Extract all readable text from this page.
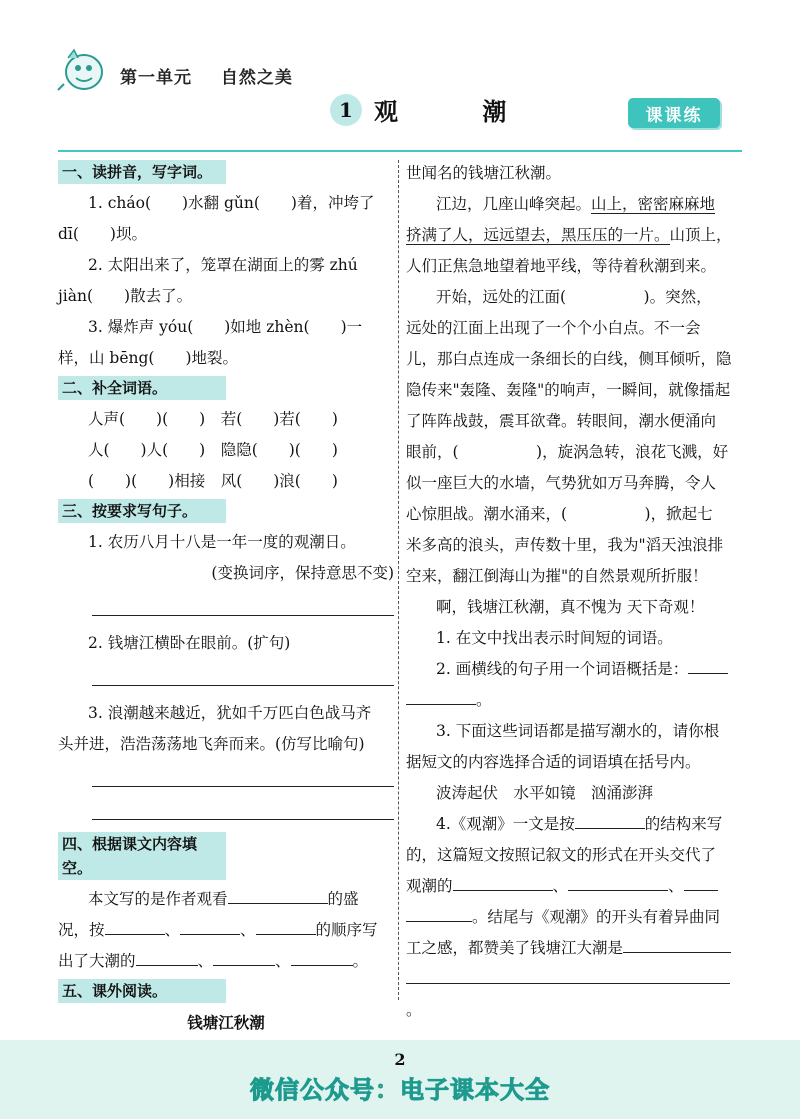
第一单元 自然之美
1 观 潮	课课练
一、读拼音，写字词。
1. cháo(　　)水翻 gǔn(　　)着，冲垮了
dī(　　)坝。
2. 太阳出来了，笼罩在湖面上的雾 zhú
jiàn(　　)散去了。
3. 爆炸声 yóu(　　)如地 zhèn(　　)一
样，山 bēng(　　)地裂。
二、补全词语。
人声(　　)(　　)　若(　　)若(　　)
人(　　)人(　　)　隐隐(　　)(　　)
(　　)(　　)相接　风(　　)浪(　　)
三、按要求写句子。
1. 农历八月十八是一年一度的观潮日。
(变换词序，保持意思不变)
2. 钱塘江横卧在眼前。(扩句)
3. 浪潮越来越近，犹如千万匹白色战马齐
头并进，浩浩荡荡地飞奔而来。(仿写比喻句)
四、根据课文内容填空。
本文写的是作者观看	的盛
况，按	、	、	的顺序写
出了大潮的	、	、	。
五、课外阅读。
钱塘江秋潮
世闻名的钱塘江秋潮。
江边，几座山峰突起。山上，密密麻麻地
挤满了人，远远望去，黑压压的一片。山顶上，
人们正焦急地望着地平线，等待着秋潮到来。
开始，远处的江面(　　　　　)。突然，
远处的江面上出现了一个个小白点。不一会
儿，那白点连成一条细长的白线，侧耳倾听，隐
隐传来"轰隆、轰隆"的响声，一瞬间，就像擂起
了阵阵战鼓，震耳欲聋。转眼间，潮水便涌向
眼前，(　　　　　)，旋涡急转，浪花飞溅，好
似一座巨大的水墙，气势犹如万马奔腾，令人
心惊胆战。潮水涌来，(　　　　　)，掀起七
米多高的浪头，声传数十里，我为"滔天浊浪排
空来，翻江倒海山为摧"的自然景观所折服！
啊，钱塘江秋潮，真不愧为 天下奇观！
1. 在文中找出表示时间短的词语。
2. 画横线的句子用一个词语概括是：
。
3. 下面这些词语都是描写潮水的，请你根
据短文的内容选择合适的词语填在括号内。
波涛起伏　水平如镜　汹涌澎湃
4.《观潮》一文是按	的结构来写
的，这篇短文按照记叙文的形式在开头交代了
观潮的	、	、
。结尾与《观潮》的开头有着异曲同
工之感，都赞美了钱塘江大潮是
。
2
微信公众号：电子课本大全
